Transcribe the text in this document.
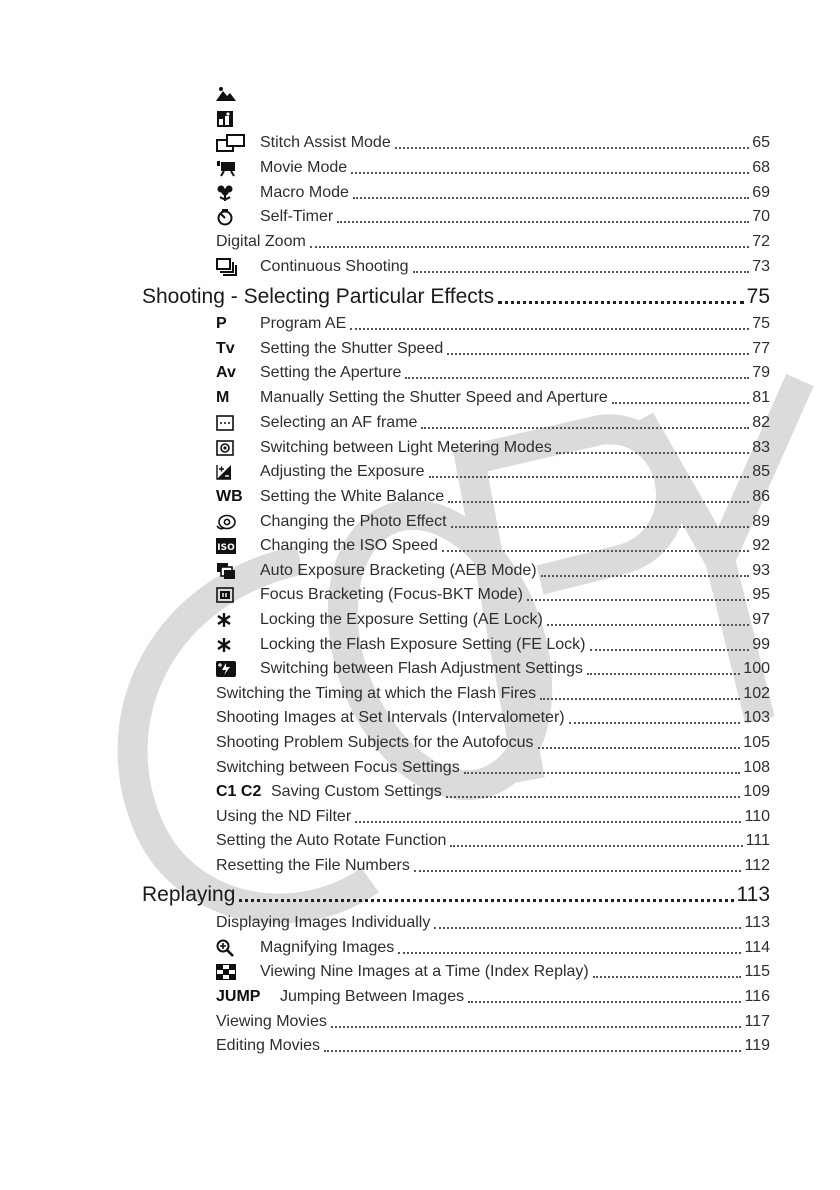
Stitch Assist Mode	65
Movie Mode	68
Macro Mode	69
Self-Timer	70
Digital Zoom	72
Continuous Shooting	73
Shooting - Selecting Particular Effects	75
P	Program AE	75
Tv	Setting the Shutter Speed	77
Av	Setting the Aperture	79
M	Manually Setting the Shutter Speed and Aperture	81
Selecting an AF frame	82
Switching between Light Metering Modes	83
Adjusting the Exposure	85
WB	Setting the White Balance	86
Changing the Photo Effect	89
ISO Changing the ISO Speed	92
Auto Exposure Bracketing (AEB Mode)	93
Focus Bracketing (Focus-BKT Mode)	95
Locking the Exposure Setting (AE Lock)	97
Locking the Flash Exposure Setting (FE Lock)	99
Switching between Flash Adjustment Settings	100
Switching the Timing at which the Flash Fires	102
Shooting Images at Set Intervals (Intervalometer)	103
Shooting Problem Subjects for the Autofocus	105
Switching between Focus Settings	108
C1 C2 Saving Custom Settings	109
Using the ND Filter	110
Setting the Auto Rotate Function	111
Resetting the File Numbers	112
Replaying	113
Displaying Images Individually	113
Magnifying Images	114
Viewing Nine Images at a Time (Index Replay)	115
JUMP	Jumping Between Images	116
Viewing Movies	117
Editing Movies	119
